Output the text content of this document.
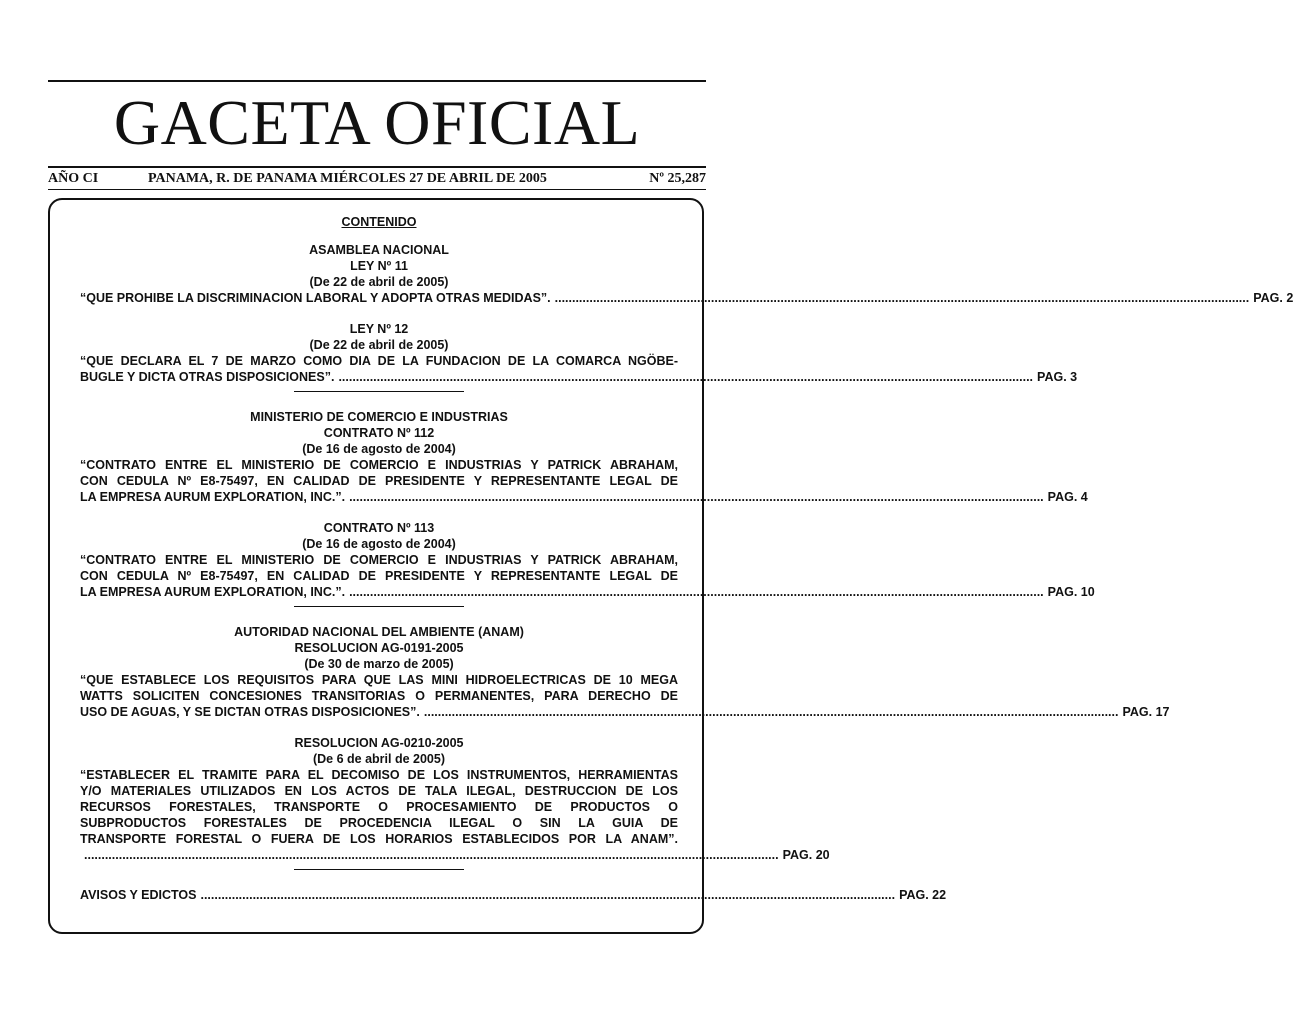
GACETA OFICIAL
AÑO CI	PANAMA, R. DE PANAMA MIÉRCOLES 27 DE ABRIL DE 2005	Nº 25,287
CONTENIDO
ASAMBLEA NACIONAL
LEY Nº 11
(De 22 de abril de 2005)
“QUE PROHIBE LA DISCRIMINACION LABORAL Y ADOPTA OTRAS MEDIDAS”. ........................................................................................................................................................................................................ PAG. 2
LEY Nº 12
(De 22 de abril de 2005)
“QUE DECLARA EL 7 DE MARZO COMO DIA DE LA FUNDACION DE LA COMARCA NGÖBE-
BUGLE Y DICTA OTRAS DISPOSICIONES”. ........................................................................................................................................................................................................ PAG. 3
MINISTERIO DE COMERCIO E INDUSTRIAS
CONTRATO Nº 112
(De 16 de agosto de 2004)
“CONTRATO ENTRE EL MINISTERIO DE COMERCIO E INDUSTRIAS Y PATRICK ABRAHAM,
CON CEDULA Nº E8-75497, EN CALIDAD DE PRESIDENTE Y REPRESENTANTE LEGAL DE
LA EMPRESA AURUM EXPLORATION, INC.”. ........................................................................................................................................................................................................ PAG. 4
CONTRATO Nº 113
(De 16 de agosto de 2004)
“CONTRATO ENTRE EL MINISTERIO DE COMERCIO E INDUSTRIAS Y PATRICK ABRAHAM,
CON CEDULA Nº E8-75497, EN CALIDAD DE PRESIDENTE Y REPRESENTANTE LEGAL DE
LA EMPRESA AURUM EXPLORATION, INC.”. ........................................................................................................................................................................................................ PAG. 10
AUTORIDAD NACIONAL DEL AMBIENTE (ANAM)
RESOLUCION AG-0191-2005
(De 30 de marzo de 2005)
“QUE ESTABLECE LOS REQUISITOS PARA QUE LAS MINI HIDROELECTRICAS DE 10 MEGA
WATTS SOLICITEN CONCESIONES TRANSITORIAS O PERMANENTES, PARA DERECHO DE
USO DE AGUAS, Y SE DICTAN OTRAS DISPOSICIONES”. ........................................................................................................................................................................................................ PAG. 17
RESOLUCION AG-0210-2005
(De 6 de abril de 2005)
“ESTABLECER EL TRAMITE PARA EL DECOMISO DE LOS INSTRUMENTOS, HERRAMIENTAS
Y/O MATERIALES UTILIZADOS EN LOS ACTOS DE TALA ILEGAL, DESTRUCCION DE LOS
RECURSOS FORESTALES, TRANSPORTE O PROCESAMIENTO DE PRODUCTOS O
SUBPRODUCTOS FORESTALES DE PROCEDENCIA ILEGAL O SIN LA GUIA DE
TRANSPORTE FORESTAL O FUERA DE LOS HORARIOS ESTABLECIDOS POR LA ANAM”.
........................................................................................................................................................................................................ PAG. 20
AVISOS Y EDICTOS ........................................................................................................................................................................................................ PAG. 22
